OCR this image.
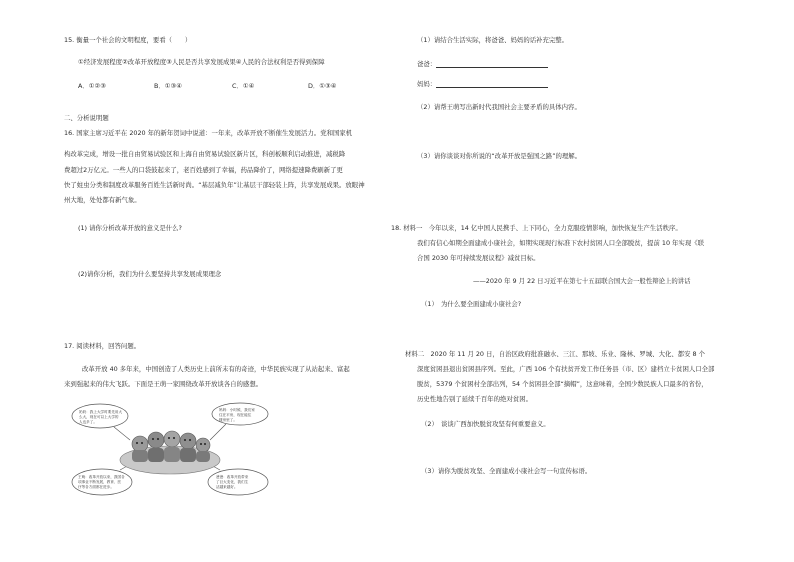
15. 衡量一个社会的文明程度，要看（　　）
①经济发展程度②改革开放程度③人民是否共享发展成果④人民的合法权利是否得到保障
A．①②③	B．①③④	C．①④	D．①③④
二、分析说明题
16. 国家主席习近平在 2020 年的新年贺词中说道：一年来，改革开放不断催生发展活力。党和国家机
构改革完成，增设一批自由贸易试验区和上海自由贸易试验区新片区，科创板顺利启动推进，减税降
费超过2万亿元。一些人的口袋鼓起来了，老百姓感到了幸福，药品降价了，网络提速降费刷新了更
快了蛀虫分类和制度改革服务百姓生活新时尚。“基层减负年”让基层干部轻装上阵，共享发展成果。放眼神
州大地，处处都有新气象。
(1) 请你分析改革开放的意义是什么?
(2)请你分析，我们为什么要坚持共享发展成果理念
17. 阅读材料，回答问题。
改革开放 40 多年来，中国创造了人类历史上前所未有的奇迹，中华民族实现了从站起来、富起
来到强起来的伟大飞跃。下面是王萌一家围绕改革开放谈各自的感想。
奶奶：我上大学时要先用大
么大，现在可以上大学的
人也多了。
妈妈：小时候，我们家
住在平房，现在能住
楼房里了。
王萌：改革开放以来，我国各
项事业不断发展，教育、医
疗等各方面都在进步。
爸爸：改革开放带来
了巨大变化，我们生
活越来越好。
（1）请结合生活实际，将爸爸、妈妈的话补充完整。
爸爸：
妈妈：
（2）请帮王萌写出新时代我国社会主要矛盾的具体内容。
（3）请你谈谈对你所说的“改革开放是强国之路”的理解。
18. 材料一　今年以来，14 亿中国人民携手、上下同心，全力克服疫情影响，加快恢复生产生活秩序。
我们有信心如期全面建成小康社会，如期实现现行标准下农村贫困人口全部脱贫，提前 10 年实现《联
合国 2030 年可持续发展议程》减贫目标。
——2020 年 9 月 22 日习近平在第七十五届联合国大会一般性辩论上的讲话
（1）　为什么要全面建成小康社会?
材料二　2020 年 11 月 20 日，自治区政府批准融水、三江、那坡、乐业、隆林、罗城、大化、都安 8 个
深度贫困县退出贫困县序列。至此，广西 106 个有扶贫开发工作任务县（市、区）建档立卡贫困人口全部
脱贫，5379 个贫困村全部出列，54 个贫困县全部“摘帽”，这意味着，全国少数民族人口最多的省份，
历史性地告别了延续千百年的绝对贫困。
（2）　谈谈广西加快脱贫攻坚有何重要意义。
（3）请你为脱贫攻坚、全面建成小康社会写一句宣传标语。
